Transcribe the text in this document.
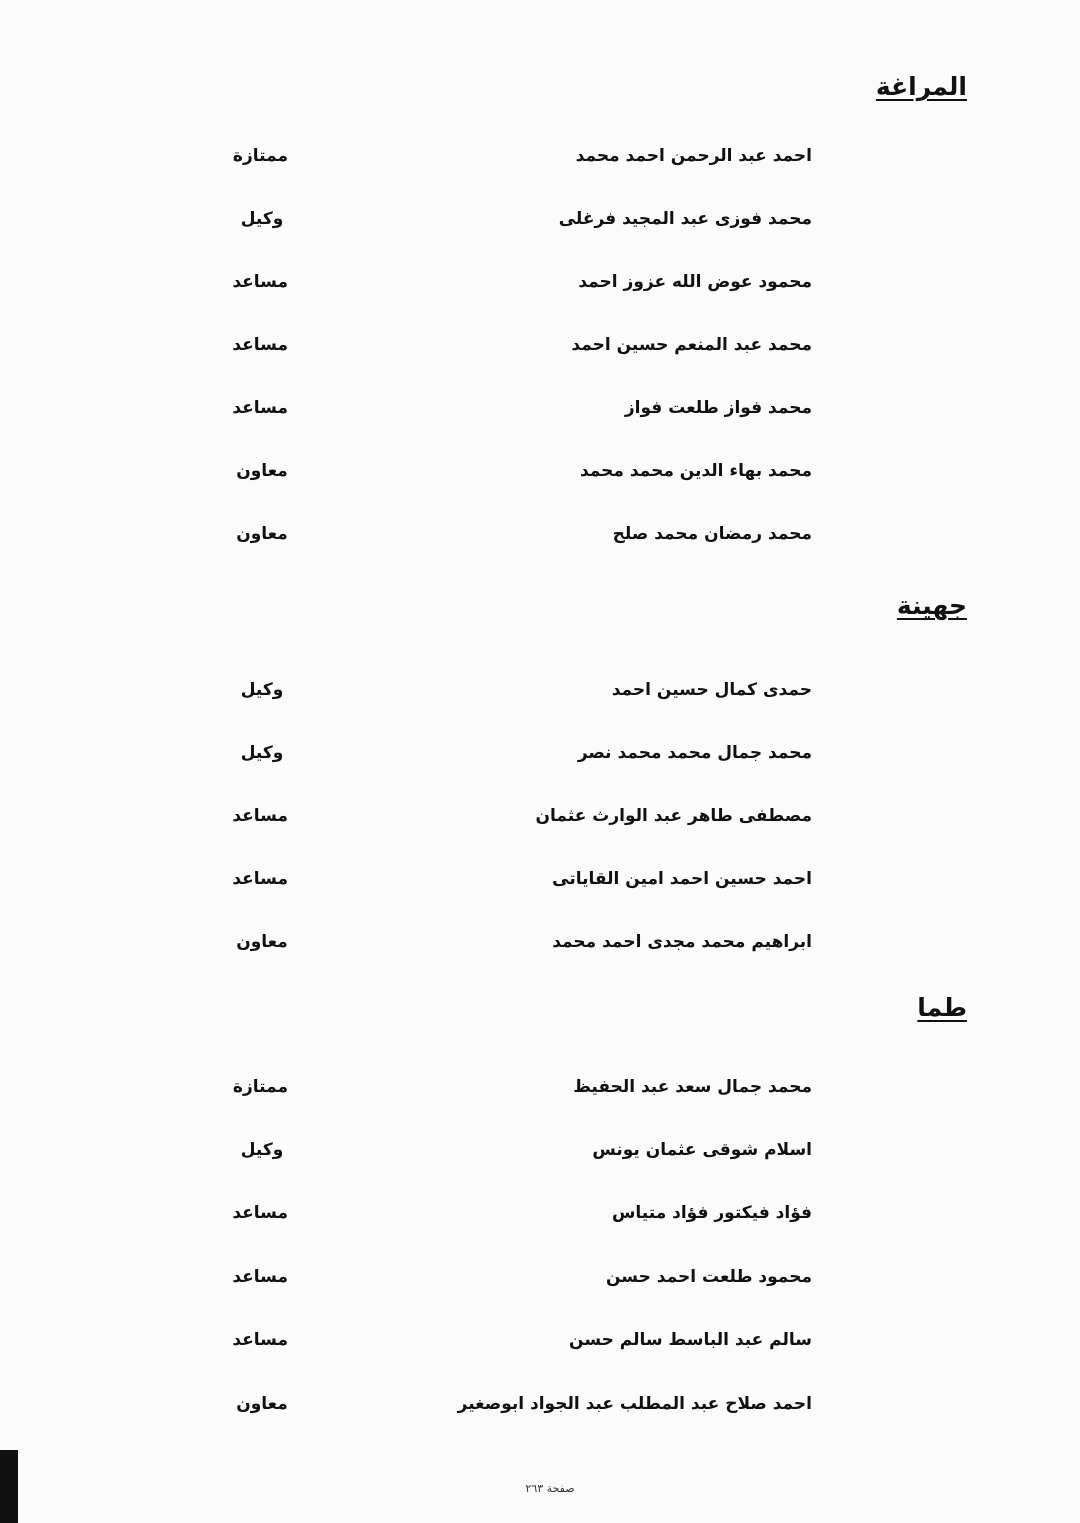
المراغة
احمد عبد الرحمن احمد محمد
ممتازة
محمد فوزى عبد المجيد فرغلى
وكيل
محمود عوض الله عزوز احمد
مساعد
محمد عبد المنعم حسين احمد
مساعد
محمد فواز طلعت فواز
مساعد
محمد بهاء الدين محمد محمد
معاون
محمد رمضان محمد صلح
معاون
جهينة
حمدى كمال حسين احمد
وكيل
محمد جمال محمد محمد نصر
وكيل
مصطفى طاهر عبد الوارث عثمان
مساعد
احمد حسين احمد امين القاياتى
مساعد
ابراهيم محمد مجدى احمد محمد
معاون
طما
محمد جمال سعد عبد الحفيظ
ممتازة
اسلام شوقى عثمان يونس
وكيل
فؤاد فيكتور فؤاد متياس
مساعد
محمود طلعت احمد حسن
مساعد
سالم عبد الباسط سالم حسن
مساعد
احمد صلاح عبد المطلب عبد الجواد ابوصغير
معاون
صفحة ٢٦٣
